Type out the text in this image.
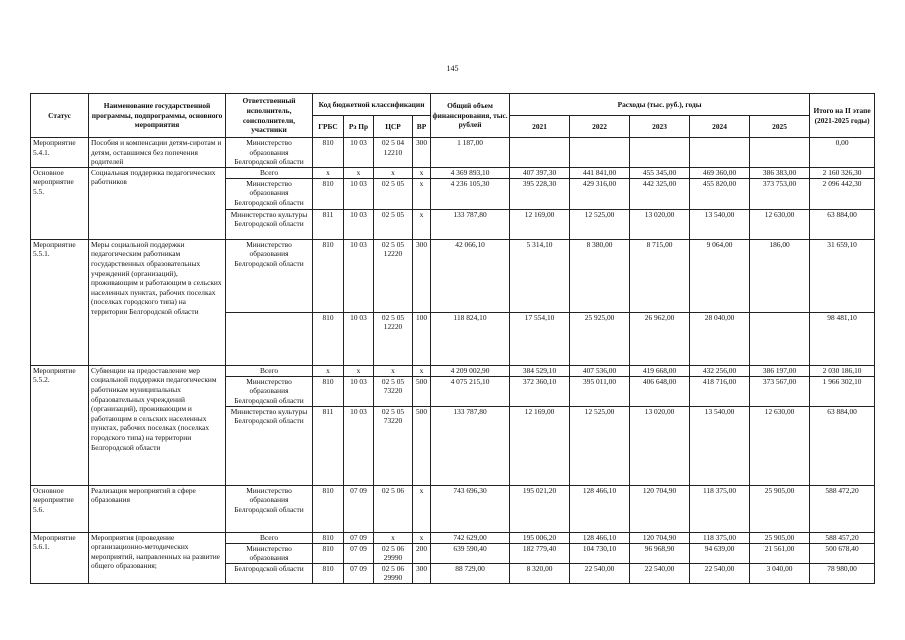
145
Статус	Наименование государственной программы, подпрограммы, основного мероприятия	Ответственный исполнитель, соисполнители, участники	Код бюджетной классификации				Общий объем финансирования, тыс. рублей	Расходы (тыс. руб.), годы					Итого на II этапе (2021-2025 годы)
			ГРБС	Рз Пр	ЦСР	ВР		2021	2022	2023	2024	2025	
Мероприятие 5.4.1.	Пособия и компенсации детям-сиротам и детям, оставшимся без попечения родителей	Министерство образования Белгородской области	810	10 03	02 5 04 12210	300	1 187,00						0,00
Основное мероприятие 5.5.	Социальная поддержка педагогических работников	Всего	x	x	x	x	4 369 893,10	407 397,30	441 841,00	455 345,00	469 360,00	386 383,00	2 160 326,30
		Министерство образования Белгородской области	810	10 03	02 5 05	x	4 236 105,30	395 228,30	429 316,00	442 325,00	455 820,00	373 753,00	2 096 442,30
		Министерство культуры Белгородской области	811	10 03	02 5 05	x	133 787,80	12 169,00	12 525,00	13 020,00	13 540,00	12 630,00	63 884,00
Мероприятие 5.5.1.	Меры социальной поддержки педагогическим работникам государственных образовательных учреждений (организаций), проживающим и работающим в сельских населенных пунктах, рабочих поселках (поселках городского типа) на территории Белгородской области	Министерство образования Белгородской области	810	10 03	02 5 05 12220	300	42 066,10	5 314,10	8 380,00	8 715,00	9 064,00	186,00	31 659,10
			810	10 03	02 5 05 12220	100	118 824,10	17 554,10	25 925,00	26 962,00	28 040,00		98 481,10
Мероприятие 5.5.2.	Субвенции на предоставление мер социальной поддержки педагогическим работникам муниципальных образовательных учреждений (организаций), проживающим и работающим в сельских населенных пунктах, рабочих поселках (поселках городского типа) на территории Белгородской области	Всего	x	x	x	x	4 209 002,90	384 529,10	407 536,00	419 668,00	432 256,00	386 197,00	2 030 186,10
		Министерство образования Белгородской области	810	10 03	02 5 05 73220	500	4 075 215,10	372 360,10	395 011,00	406 648,00	418 716,00	373 567,00	1 966 302,10
		Министерство культуры Белгородской области	811	10 03	02 5 05 73220	500	133 787,80	12 169,00	12 525,00	13 020,00	13 540,00	12 630,00	63 884,00
Основное мероприятие 5.6.	Реализация мероприятий в сфере образования	Министерство образования Белгородской области	810	07 09	02 5 06	x	743 696,30	195 021,20	128 466,10	120 704,90	118 375,00	25 905,00	588 472,20
Мероприятие 5.6.1.	Мероприятия (проведение организационно-методических мероприятий, направленных на развитие общего образования;	Всего	810	07 09	x	x	742 629,00	195 006,20	128 466,10	120 704,90	118 375,00	25 905,00	588 457,20
		Министерство образования	810	07 09	02 5 06 29990	200	639 590,40	182 779,40	104 730,10	96 968,90	94 639,00	21 561,00	500 678,40
		Белгородской области	810	07 09	02 5 06 29990	300	88 729,00	8 320,00	22 540,00	22 540,00	22 540,00	3 040,00	78 980,00
